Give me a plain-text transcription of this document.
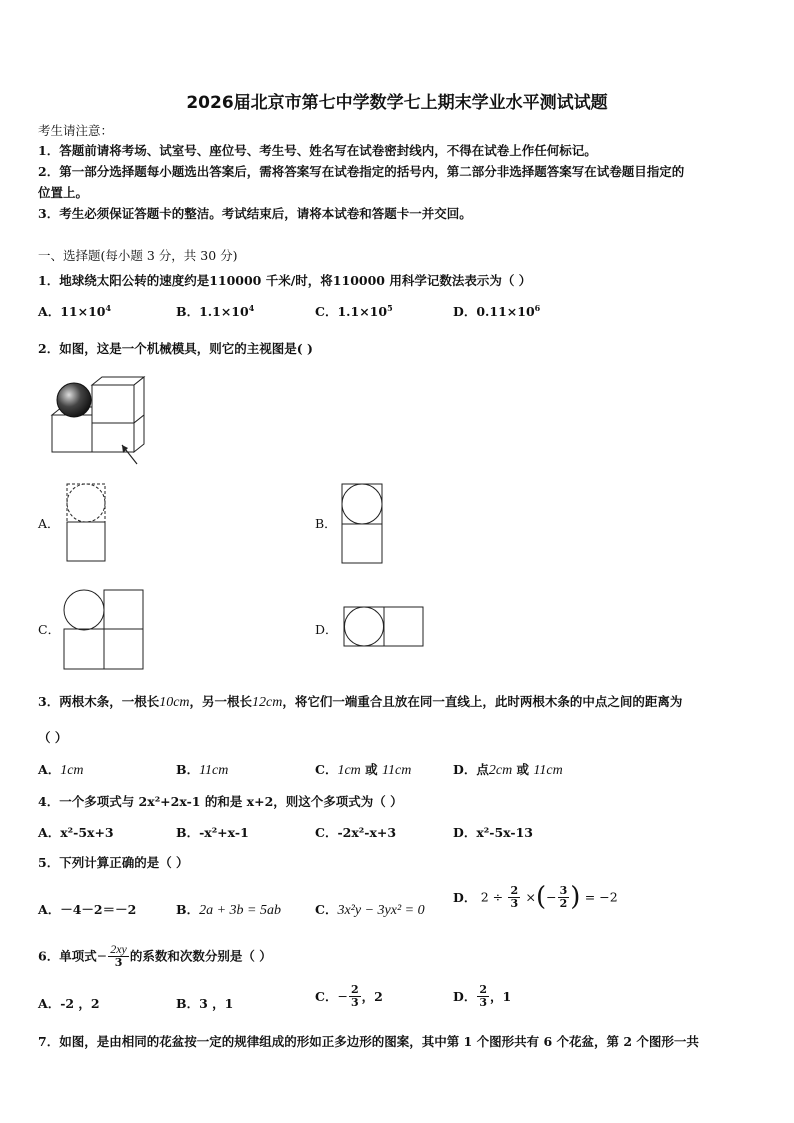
2026届北京市第七中学数学七上期末学业水平测试试题
考生请注意：
1．答题前请将考场、试室号、座位号、考生号、姓名写在试卷密封线内，不得在试卷上作任何标记。
2．第一部分选择题每小题选出答案后，需将答案写在试卷指定的括号内，第二部分非选择题答案写在试卷题目指定的
位置上。
3．考生必须保证答题卡的整洁。考试结束后，请将本试卷和答题卡一并交回。
一、选择题(每小题 3 分，共 30 分)
1．地球绕太阳公转的速度约是110000 千米/时，将110000 用科学记数法表示为（ ）
A．$11\times 10^4$	B．$1.1\times 10^4$	C．$1.1\times 10^5$	D．$0.11\times 10^6$
2．如图，这是一个机械模具，则它的主视图是( )
A．	B．
C．	D．
3．两根木条，一根长10cm，另一根长12cm，将它们一端重合且放在同一直线上，此时两根木条的中点之间的距离为
（ ）
A．1cm	B．11cm	C．1cm 或 11cm	D．点2cm 或 11cm
4．一个多项式与 2x²+2x-1 的和是 x+2，则这个多项式为（ ）
A．x²-5x+3	B．-x²+x-1	C．-2x²-x+3	D．x²-5x-13
5．下列计算正确的是（ ）
A．－4－2＝－2	B．2a + 3b = 5ab	C．3x²y − 3yx² = 0
D． $2 \div \frac{2}{3}$ ×(− $\frac{3}{2}$ ) = −2
6．单项式− $\frac{2xy}{3}$ 的系数和次数分别是（ ）
A．-2 ，2	B．3 ，1	C．− $\frac{2}{3}$ ，2	D． $\frac{2}{3}$ ，1
7．如图，是由相同的花盆按一定的规律组成的形如正多边形的图案，其中第 1 个图形共有 6 个花盆，第 2 个图形一共
